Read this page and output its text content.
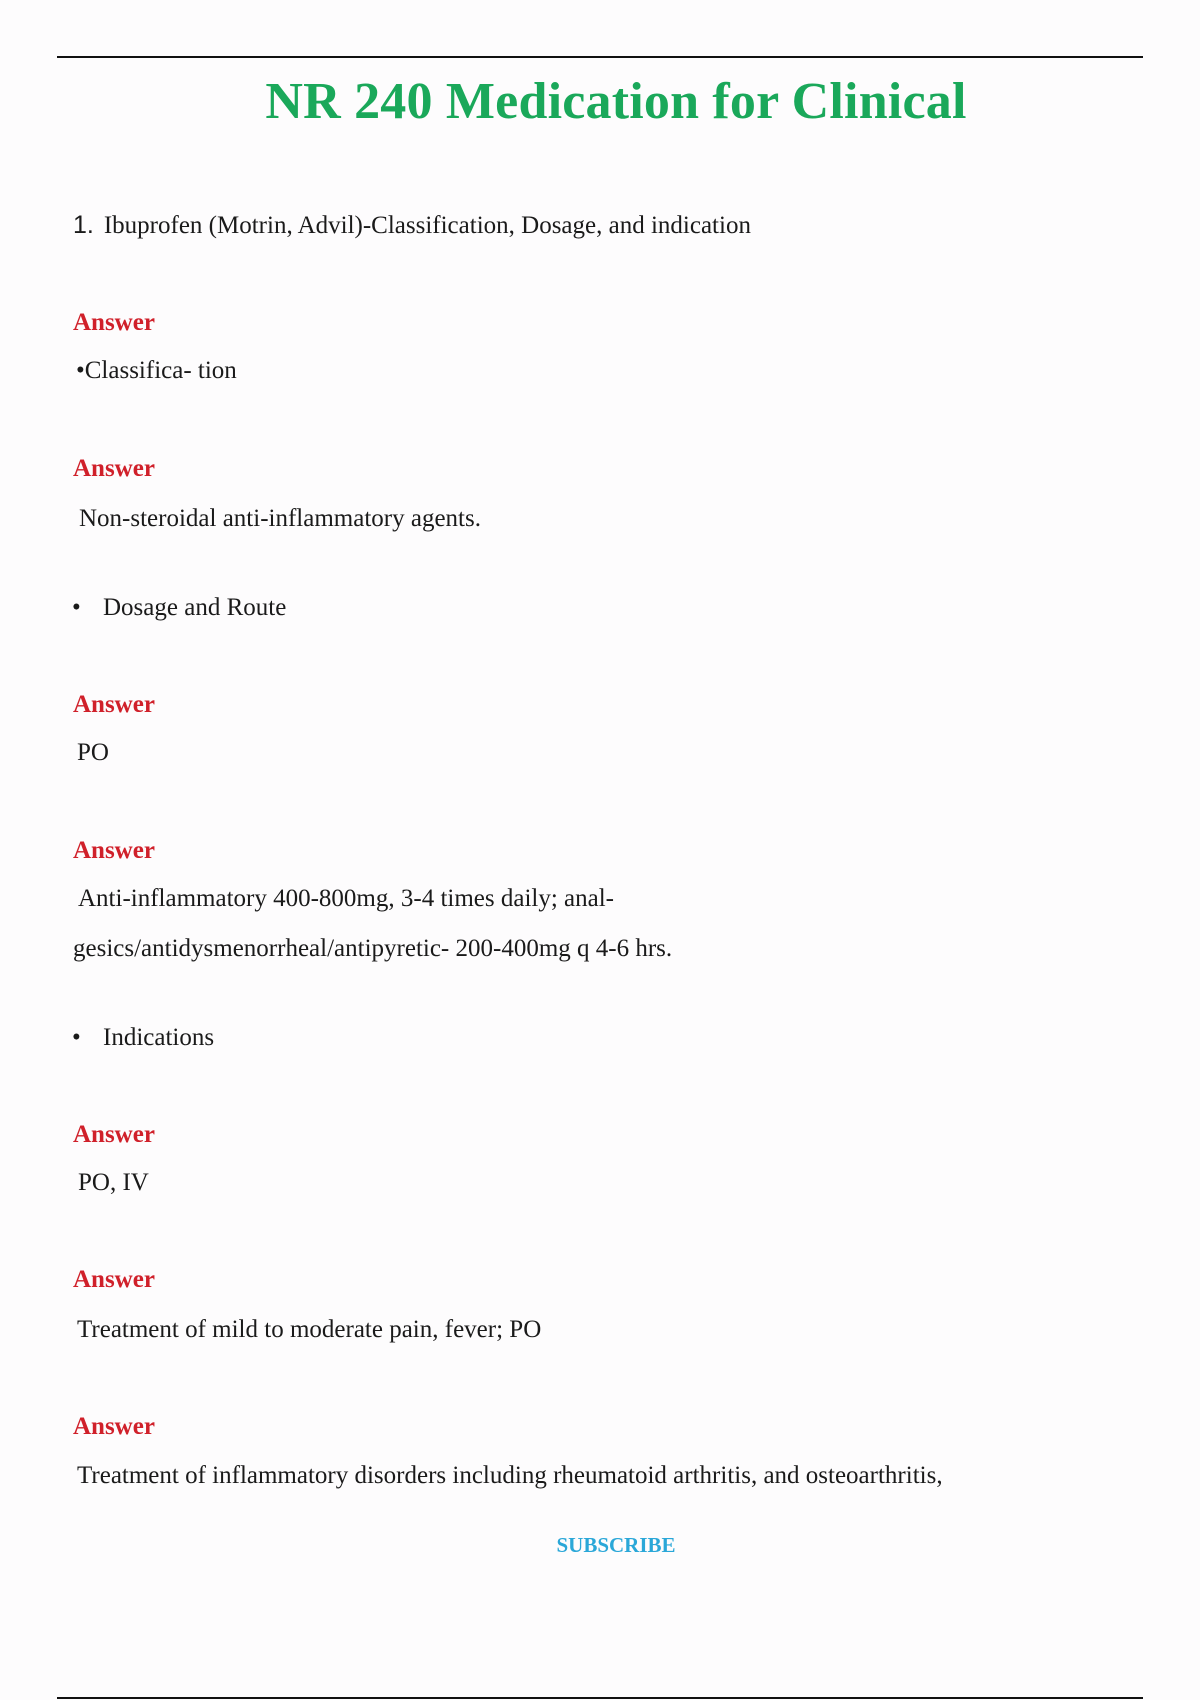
NR 240 Medication for Clinical
1. Ibuprofen (Motrin, Advil)-Classification, Dosage, and indication
Answer
•Classifica- tion
Answer
Non-steroidal anti-inflammatory agents.
• Dosage and Route
Answer
PO
Answer
Anti-inflammatory 400-800mg, 3-4 times daily; anal-
gesics/antidysmenorrheal/antipyretic- 200-400mg q 4-6 hrs.
• Indications
Answer
PO, IV
Answer
Treatment of mild to moderate pain, fever; PO
Answer
Treatment of inflammatory disorders including rheumatoid arthritis, and osteoarthritis,
SUBSCRIBE
